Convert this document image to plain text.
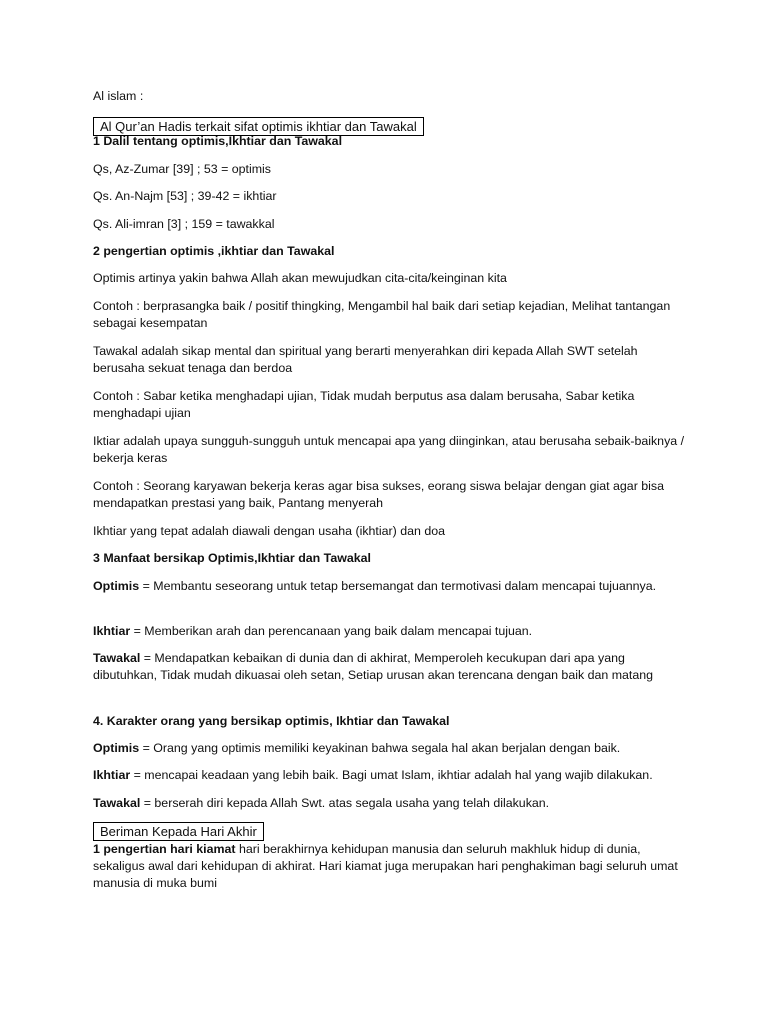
Al islam :

Al Qur’an Hadis terkait sifat optimis ikhtiar dan Tawakal

1 Dalil tentang optimis,Ikhtiar dan Tawakal

Qs, Az-Zumar [39] ; 53 = optimis

Qs. An-Najm [53] ; 39-42 = ikhtiar

Qs. Ali-imran [3] ; 159 = tawakkal

2 pengertian optimis ,ikhtiar dan Tawakal

Optimis artinya yakin bahwa Allah akan mewujudkan cita-cita/keinginan kita

Contoh : berprasangka baik / positif thingking, Mengambil hal baik dari setiap kejadian, Melihat tantangan sebagai kesempatan

Tawakal adalah sikap mental dan spiritual yang berarti menyerahkan diri kepada Allah SWT setelah berusaha sekuat tenaga dan berdoa

Contoh : Sabar ketika menghadapi ujian, Tidak mudah berputus asa dalam berusaha, Sabar ketika menghadapi ujian

Iktiar adalah upaya sungguh-sungguh untuk mencapai apa yang diinginkan, atau berusaha sebaik-baiknya / bekerja keras

Contoh : Seorang karyawan bekerja keras agar bisa sukses, eorang siswa belajar dengan giat agar bisa mendapatkan prestasi yang baik, Pantang menyerah

Ikhtiar yang tepat adalah diawali dengan usaha (ikhtiar) dan doa

3 Manfaat bersikap Optimis,Ikhtiar dan Tawakal

Optimis = Membantu seseorang untuk tetap bersemangat dan termotivasi dalam mencapai tujuannya.

Ikhtiar = Memberikan arah dan perencanaan yang baik dalam mencapai tujuan.

Tawakal = Mendapatkan kebaikan di dunia dan di akhirat, Memperoleh kecukupan dari apa yang dibutuhkan, Tidak mudah dikuasai oleh setan, Setiap urusan akan terencana dengan baik dan matang

4. Karakter orang yang bersikap optimis, Ikhtiar dan Tawakal

Optimis = Orang yang optimis memiliki keyakinan bahwa segala hal akan berjalan dengan baik.

Ikhtiar = mencapai keadaan yang lebih baik. Bagi umat Islam, ikhtiar adalah hal yang wajib dilakukan.

Tawakal = berserah diri kepada Allah Swt. atas segala usaha yang telah dilakukan.

Beriman Kepada Hari Akhir

1 pengertian hari kiamat hari berakhirnya kehidupan manusia dan seluruh makhluk hidup di dunia, sekaligus awal dari kehidupan di akhirat. Hari kiamat juga merupakan hari penghakiman bagi seluruh umat manusia di muka bumi
